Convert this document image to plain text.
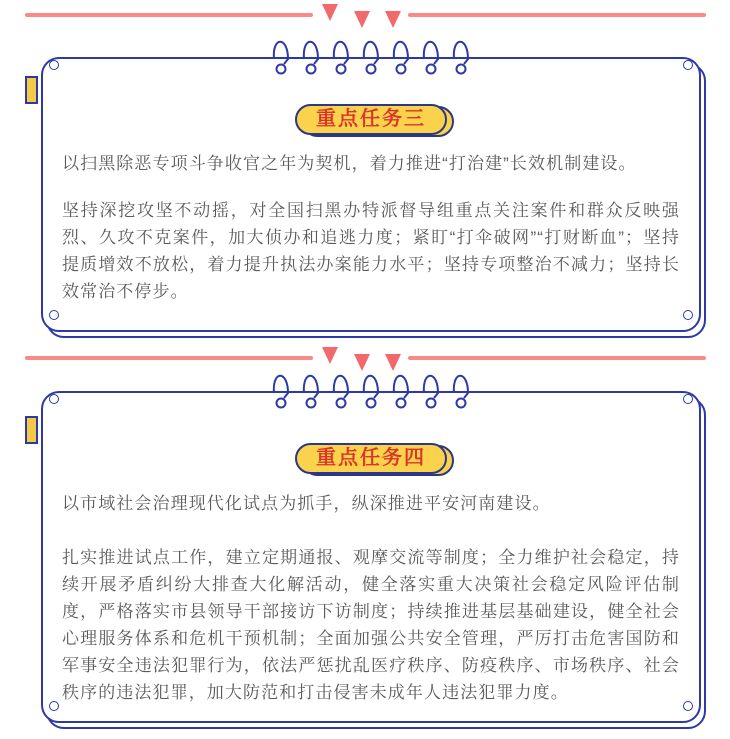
重点任务三

以扫黑除恶专项斗争收官之年为契机，着力推进“打治建”长效机制建设。

坚持深挖攻坚不动摇，对全国扫黑办特派督导组重点关注案件和群众反映强烈、久攻不克案件，加大侦办和追逃力度；紧盯“打伞破网”“打财断血”；坚持提质增效不放松，着力提升执法办案能力水平；坚持专项整治不减力；坚持长效常治不停步。

重点任务四

以市域社会治理现代化试点为抓手，纵深推进平安河南建设。

扎实推进试点工作，建立定期通报、观摩交流等制度；全力维护社会稳定，持续开展矛盾纠纷大排查大化解活动，健全落实重大决策社会稳定风险评估制度，严格落实市县领导干部接访下访制度；持续推进基层基础建设，健全社会心理服务体系和危机干预机制；全面加强公共安全管理，严厉打击危害国防和军事安全违法犯罪行为，依法严惩扰乱医疗秩序、防疫秩序、市场秩序、社会秩序的违法犯罪，加大防范和打击侵害未成年人违法犯罪力度。
